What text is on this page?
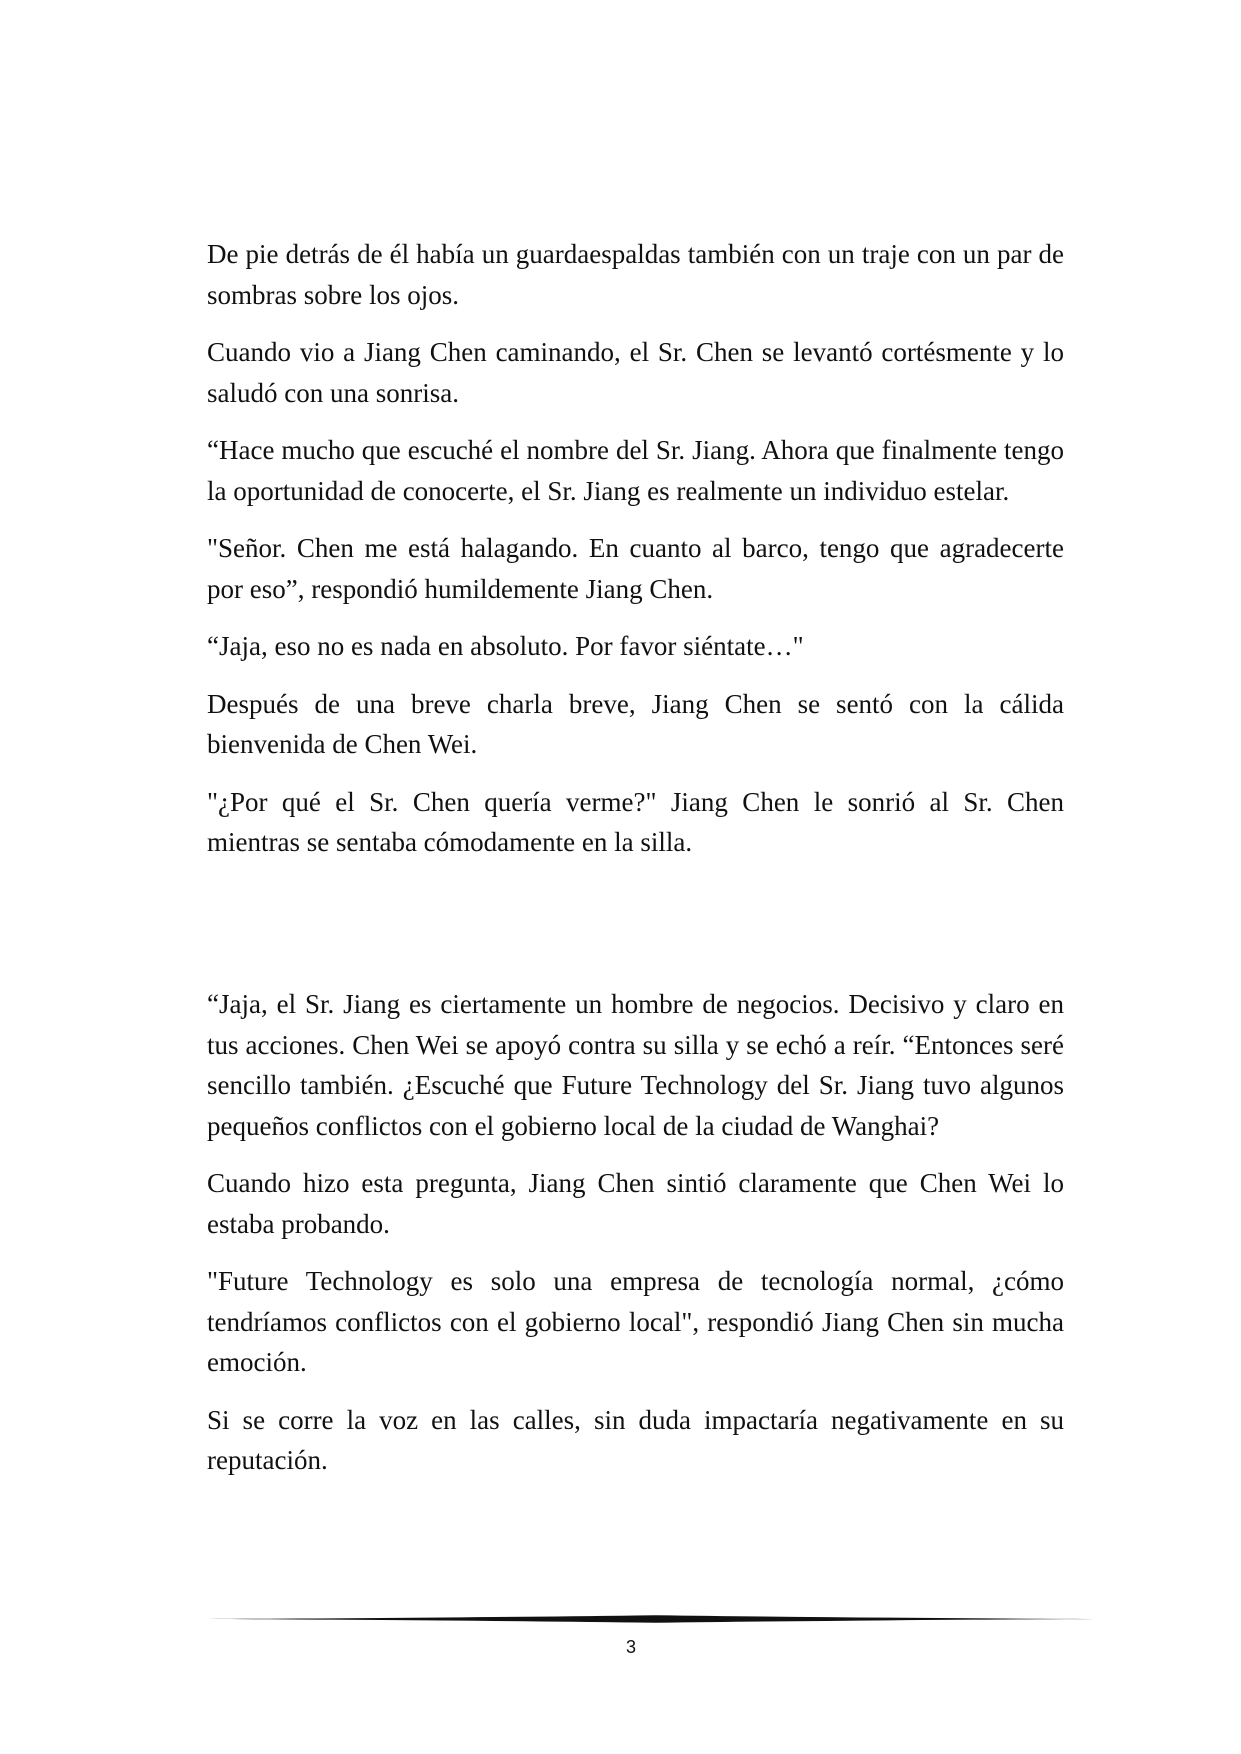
De pie detrás de él había un guardaespaldas también con un traje con un par de sombras sobre los ojos.

Cuando vio a Jiang Chen caminando, el Sr. Chen se levantó cortésmente y lo saludó con una sonrisa.

“Hace mucho que escuché el nombre del Sr. Jiang. Ahora que finalmente tengo la oportunidad de conocerte, el Sr. Jiang es realmente un individuo estelar.

"Señor. Chen me está halagando. En cuanto al barco, tengo que agradecerte por eso”, respondió humildemente Jiang Chen.

“Jaja, eso no es nada en absoluto. Por favor siéntate…"

Después de una breve charla breve, Jiang Chen se sentó con la cálida bienvenida de Chen Wei.

"¿Por qué el Sr. Chen quería verme?" Jiang Chen le sonrió al Sr. Chen mientras se sentaba cómodamente en la silla.

“Jaja, el Sr. Jiang es ciertamente un hombre de negocios. Decisivo y claro en tus acciones. Chen Wei se apoyó contra su silla y se echó a reír. “Entonces seré sencillo también. ¿Escuché que Future Technology del Sr. Jiang tuvo algunos pequeños conflictos con el gobierno local de la ciudad de Wanghai?

Cuando hizo esta pregunta, Jiang Chen sintió claramente que Chen Wei lo estaba probando.

"Future Technology es solo una empresa de tecnología normal, ¿cómo tendríamos conflictos con el gobierno local", respondió Jiang Chen sin mucha emoción.

Si se corre la voz en las calles, sin duda impactaría negativamente en su reputación.

3
